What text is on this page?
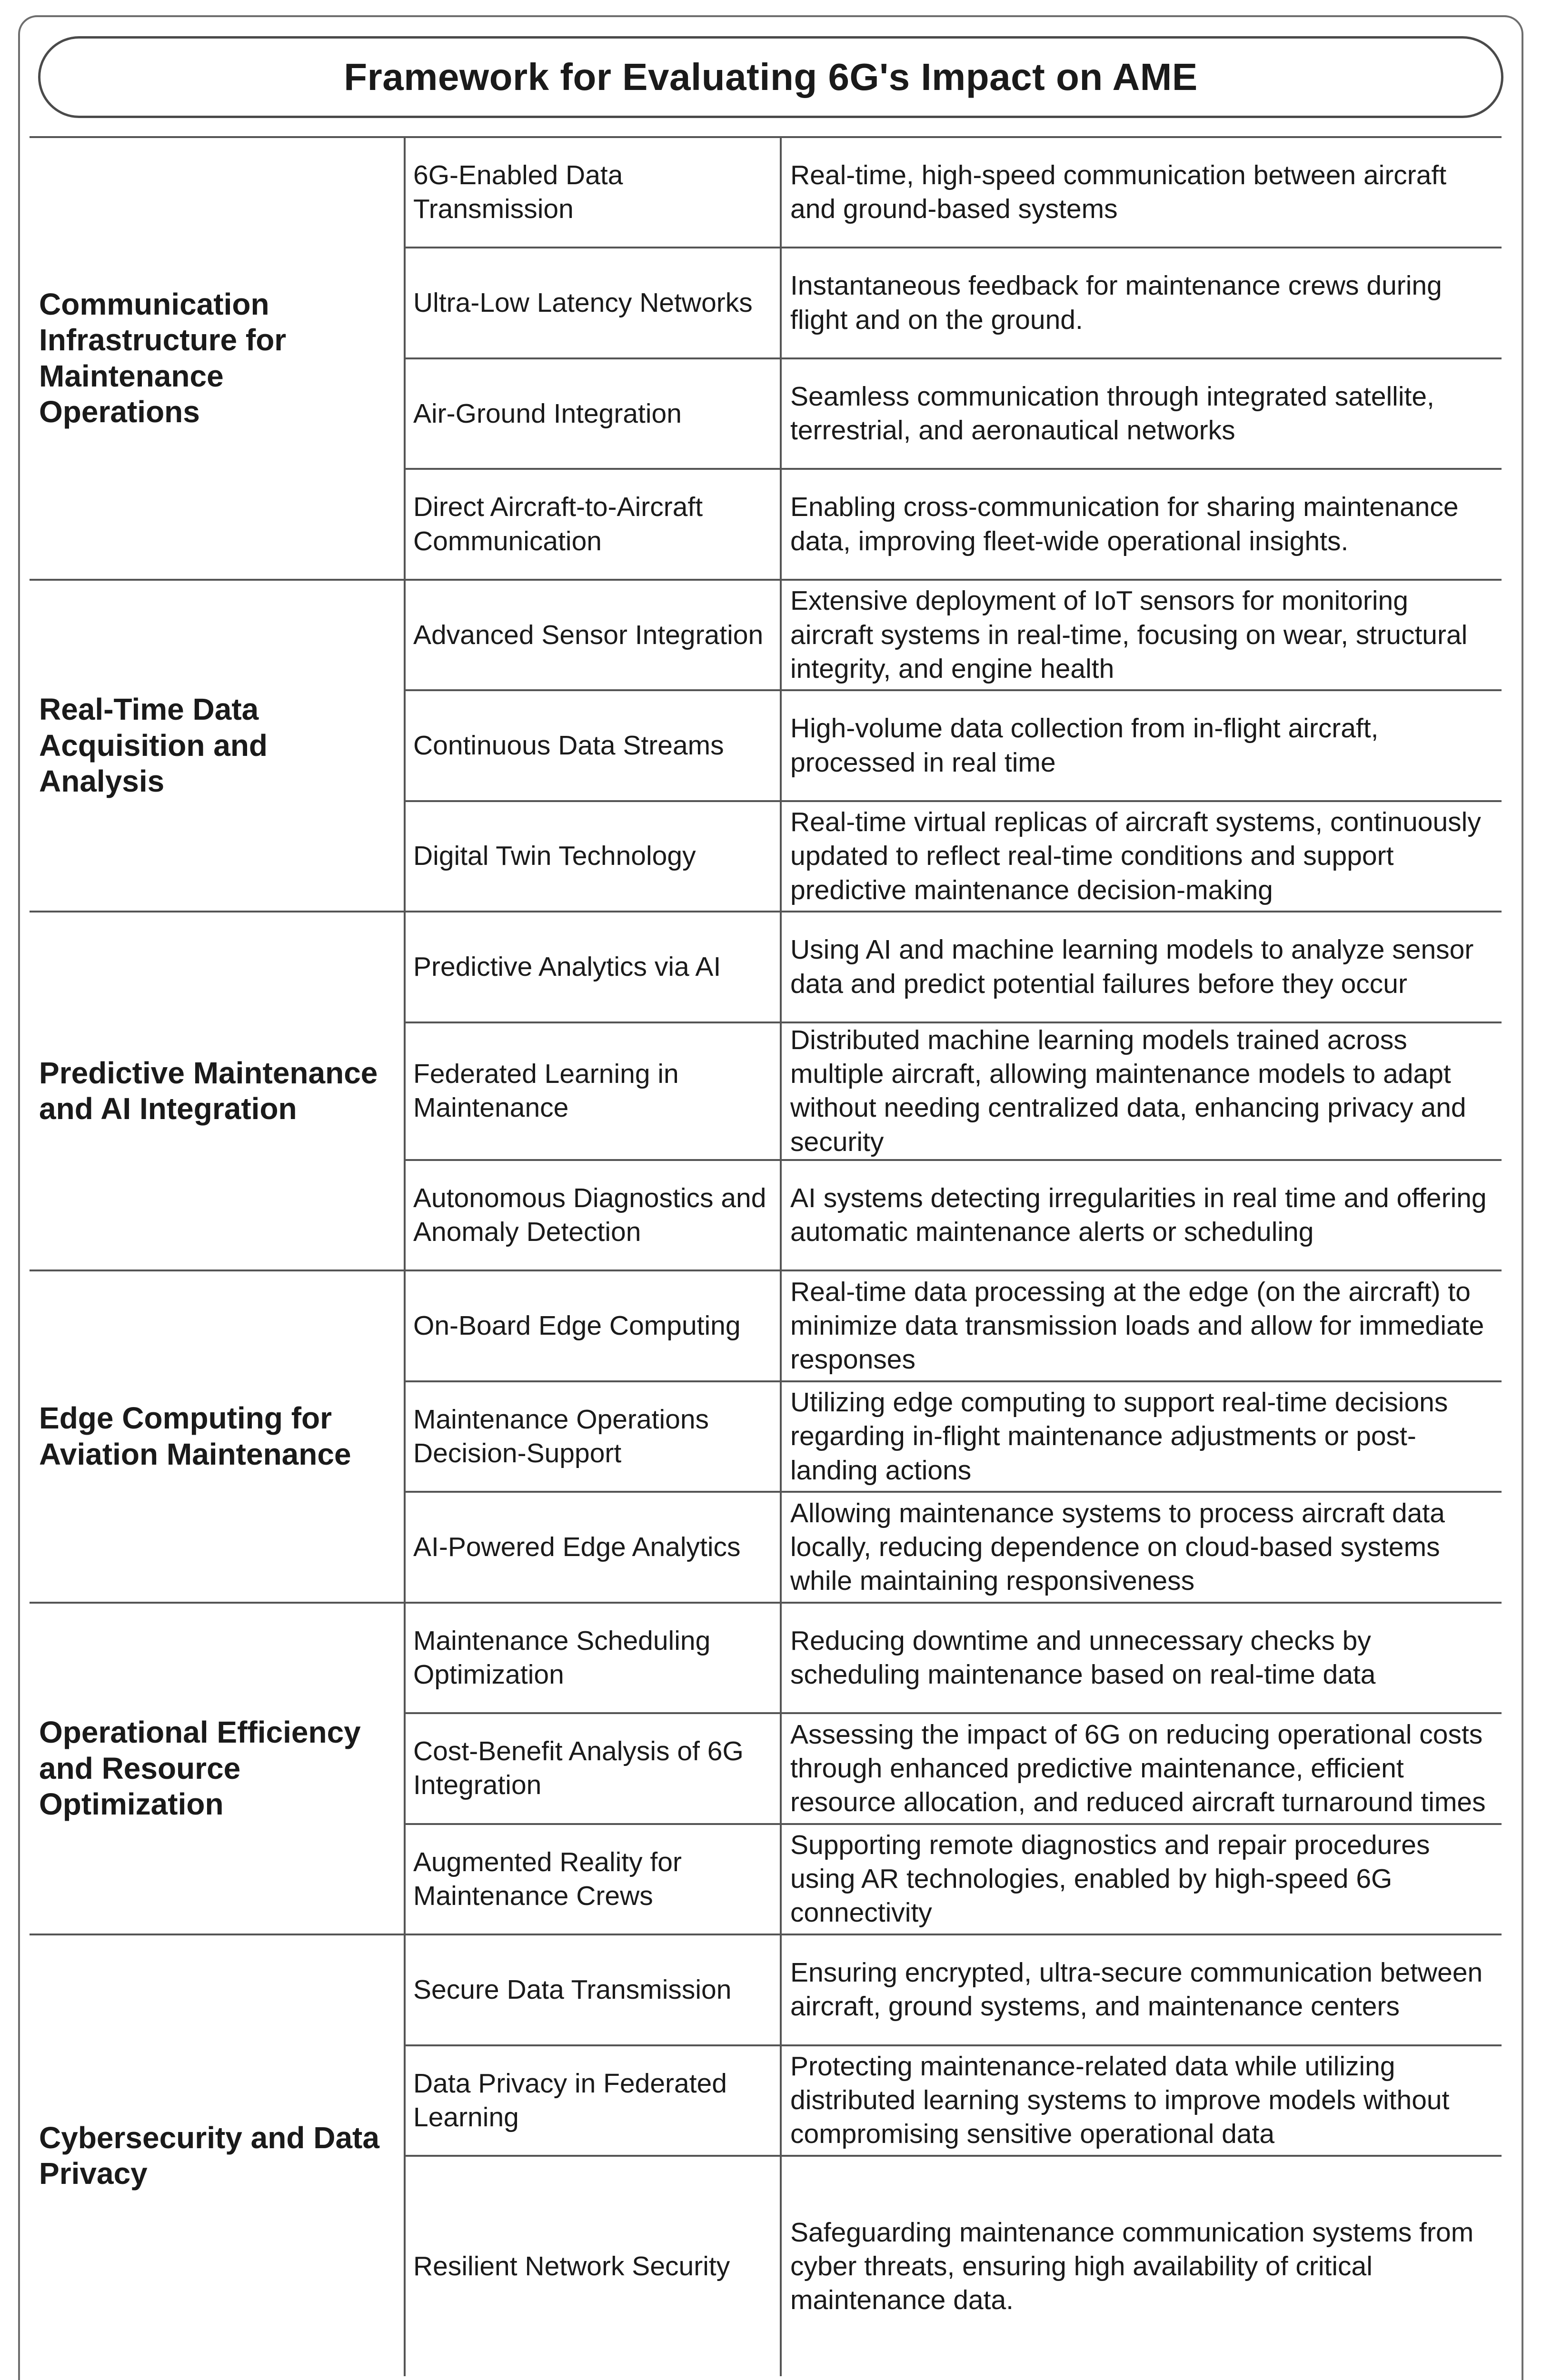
Framework for Evaluating 6G's Impact on AME
Communication Infrastructure for Maintenance Operations
6G-Enabled Data Transmission
Real-time, high-speed communication between aircraft and ground-based systems
Ultra-Low Latency Networks
Instantaneous feedback for maintenance crews during flight and on the ground.
Air-Ground Integration
Seamless communication through integrated satellite, terrestrial, and aeronautical networks
Direct Aircraft-to-Aircraft Communication
Enabling cross-communication for sharing maintenance data, improving fleet-wide operational insights.
Real-Time Data Acquisition and Analysis
Advanced Sensor Integration
Extensive deployment of IoT sensors for monitoring aircraft systems in real-time, focusing on wear, structural integrity, and engine health
Continuous Data Streams
High-volume data collection from in-flight aircraft, processed in real time
Digital Twin Technology
Real-time virtual replicas of aircraft systems, continuously updated to reflect real-time conditions and support predictive maintenance decision-making
Predictive Maintenance and AI Integration
Predictive Analytics via AI
Using AI and machine learning models to analyze sensor data and predict potential failures before they occur
Federated Learning in Maintenance
Distributed machine learning models trained across multiple aircraft, allowing maintenance models to adapt without needing centralized data, enhancing privacy and security
Autonomous Diagnostics and Anomaly Detection
AI systems detecting irregularities in real time and offering automatic maintenance alerts or scheduling
Edge Computing for Aviation Maintenance
On-Board Edge Computing
Real-time data processing at the edge (on the aircraft) to minimize data transmission loads and allow for immediate responses
Maintenance Operations Decision-Support
Utilizing edge computing to support real-time decisions regarding in-flight maintenance adjustments or post-landing actions
AI-Powered Edge Analytics
Allowing maintenance systems to process aircraft data locally, reducing dependence on cloud-based systems while maintaining responsiveness
Operational Efficiency and Resource Optimization
Maintenance Scheduling Optimization
Reducing downtime and unnecessary checks by scheduling maintenance based on real-time data
Cost-Benefit Analysis of 6G Integration
Assessing the impact of 6G on reducing operational costs through enhanced predictive maintenance, efficient resource allocation, and reduced aircraft turnaround times
Augmented Reality for Maintenance Crews
Supporting remote diagnostics and repair procedures using AR technologies, enabled by high-speed 6G connectivity
Cybersecurity and Data Privacy
Secure Data Transmission
Ensuring encrypted, ultra-secure communication between aircraft, ground systems, and maintenance centers
Data Privacy in Federated Learning
Protecting maintenance-related data while utilizing distributed learning systems to improve models without compromising sensitive operational data
Resilient Network Security
Safeguarding maintenance communication systems from cyber threats, ensuring high availability of critical maintenance data.
